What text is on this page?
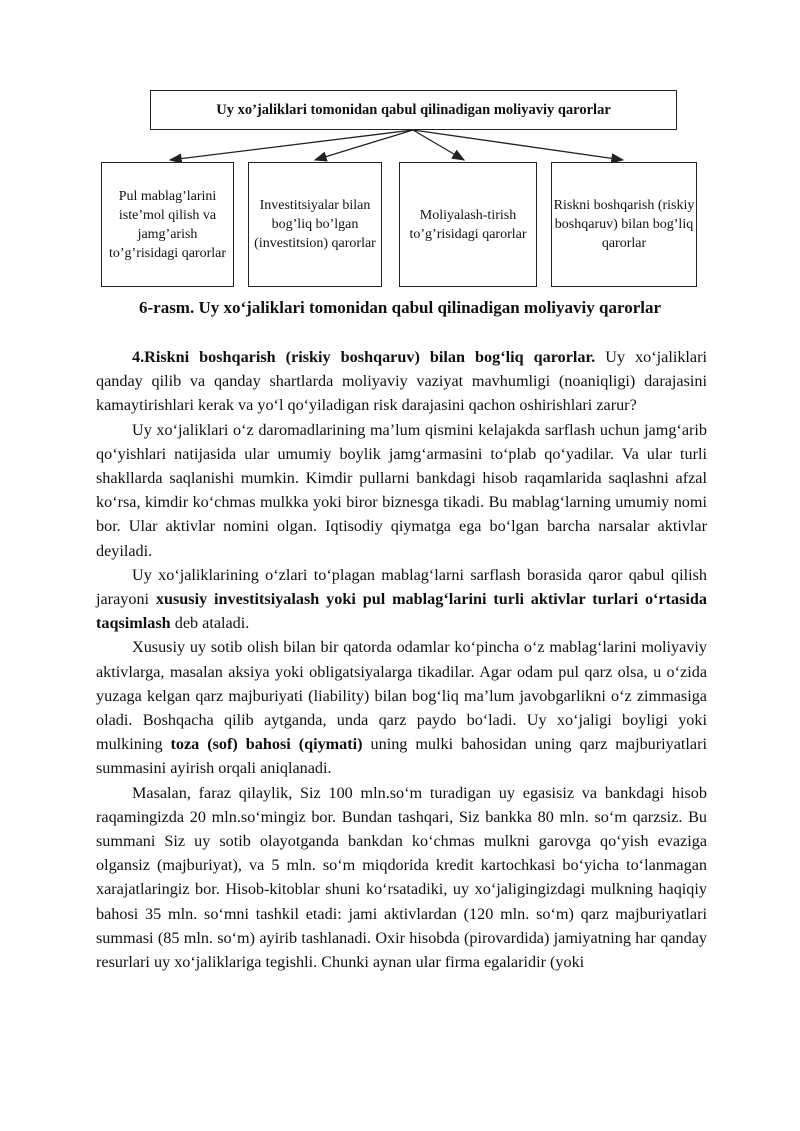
Uy xo’jaliklari tomonidan qabul qilinadigan moliyaviy qarorlar
Pul mablag’larini iste’mol qilish va jamg’arish to’g’risidagi qarorlar
Investitsiyalar bilan bog’liq bo’lgan (investitsion) qarorlar
Moliyalash-tirish to’g’risidagi qarorlar
Riskni boshqarish (riskiy boshqaruv) bilan bog’liq qarorlar
6-rasm. Uy xo‘jaliklari tomonidan qabul qilinadigan moliyaviy qarorlar

4.Riskni boshqarish (riskiy boshqaruv) bilan bog‘liq qarorlar. Uy xo‘jaliklari qanday qilib va qanday shartlarda moliyaviy vaziyat mavhumligi (noaniqligi) darajasini kamaytirishlari kerak va yo‘l qo‘yiladigan risk darajasini qachon oshirishlari zarur?

Uy xo‘jaliklari o‘z daromadlarining ma’lum qismini kelajakda sarflash uchun jamg‘arib qo‘yishlari natijasida ular umumiy boylik jamg‘armasini to‘plab qo‘yadilar. Va ular turli shakllarda saqlanishi mumkin. Kimdir pullarni bankdagi hisob raqamlarida saqlashni afzal ko‘rsa, kimdir ko‘chmas mulkka yoki biror biznesga tikadi. Bu mablag‘larning umumiy nomi bor. Ular aktivlar nomini olgan. Iqtisodiy qiymatga ega bo‘lgan barcha narsalar aktivlar deyiladi.

Uy xo‘jaliklarining o‘zlari to‘plagan mablag‘larni sarflash borasida qaror qabul qilish jarayoni xususiy investitsiyalash yoki pul mablag‘larini turli aktivlar turlari o‘rtasida taqsimlash deb ataladi.

Xususiy uy sotib olish bilan bir qatorda odamlar ko‘pincha o‘z mablag‘larini moliyaviy aktivlarga, masalan aksiya yoki obligatsiyalarga tikadilar. Agar odam pul qarz olsa, u o‘zida yuzaga kelgan qarz majburiyati (liability) bilan bog‘liq ma’lum javobgarlikni o‘z zimmasiga oladi. Boshqacha qilib aytganda, unda qarz paydo bo‘ladi. Uy xo‘jaligi boyligi yoki mulkining toza (sof) bahosi (qiymati) uning mulki bahosidan uning qarz majburiyatlari summasini ayirish orqali aniqlanadi.

Masalan, faraz qilaylik, Siz 100 mln.so‘m turadigan uy egasisiz va bankdagi hisob raqamingizda 20 mln.so‘mingiz bor. Bundan tashqari, Siz bankka 80 mln. so‘m qarzsiz. Bu summani Siz uy sotib olayotganda bankdan ko‘chmas mulkni garovga qo‘yish evaziga olgansiz (majburiyat), va 5 mln. so‘m miqdorida kredit kartochkasi bo‘yicha to‘lanmagan xarajatlaringiz bor. Hisob-kitoblar shuni ko‘rsatadiki, uy xo‘jaligingizdagi mulkning haqiqiy bahosi 35 mln. so‘mni tashkil etadi: jami aktivlardan (120 mln. so‘m) qarz majburiyatlari summasi (85 mln. so‘m) ayirib tashlanadi. Oxir hisobda (pirovardida) jamiyatning har qanday resurlari uy xo‘jaliklariga tegishli. Chunki aynan ular firma egalaridir (yoki
